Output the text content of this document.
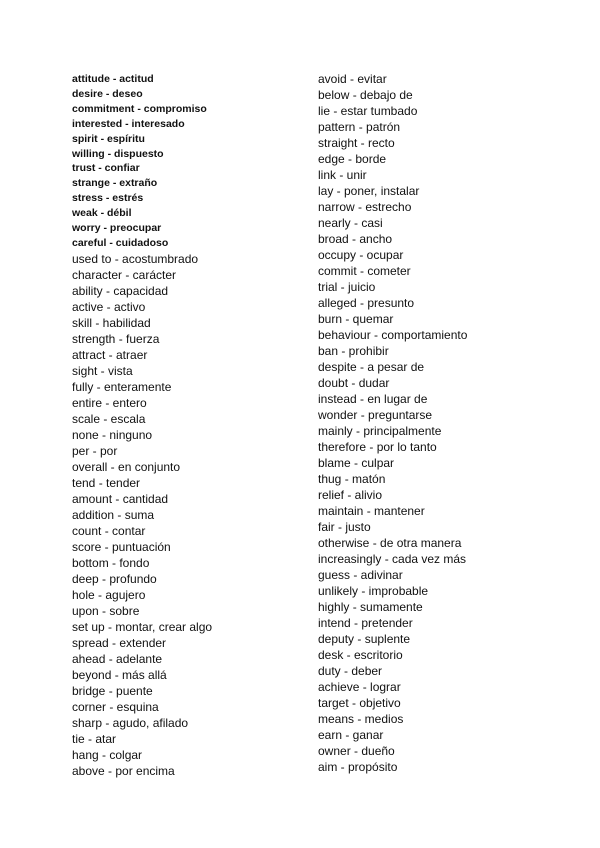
attitude - actitud
desire - deseo
commitment - compromiso
interested - interesado
spirit - espíritu
willing - dispuesto
trust - confiar
strange - extraño
stress - estrés
weak - débil
worry - preocupar
careful - cuidadoso
used to - acostumbrado
character - carácter
ability - capacidad
active - activo
skill - habilidad
strength - fuerza
attract - atraer
sight - vista
fully - enteramente
entire - entero
scale - escala
none - ninguno
per - por
overall - en conjunto
tend - tender
amount - cantidad
addition - suma
count - contar
score - puntuación
bottom - fondo
deep - profundo
hole - agujero
upon - sobre
set up - montar, crear algo
spread - extender
ahead - adelante
beyond - más allá
bridge - puente
corner - esquina
sharp - agudo, afilado
tie - atar
hang - colgar
above - por encima
avoid - evitar
below - debajo de
lie - estar tumbado
pattern - patrón
straight - recto
edge - borde
link - unir
lay - poner, instalar
narrow - estrecho
nearly - casi
broad - ancho
occupy - ocupar
commit - cometer
trial - juicio
alleged - presunto
burn - quemar
behaviour - comportamiento
ban - prohibir
despite - a pesar de
doubt - dudar
instead - en lugar de
wonder - preguntarse
mainly - principalmente
therefore - por lo tanto
blame - culpar
thug - matón
relief - alivio
maintain - mantener
fair - justo
otherwise - de otra manera
increasingly - cada vez más
guess - adivinar
unlikely - improbable
highly - sumamente
intend - pretender
deputy - suplente
desk - escritorio
duty - deber
achieve - lograr
target - objetivo
means - medios
earn - ganar
owner - dueño
aim - propósito
